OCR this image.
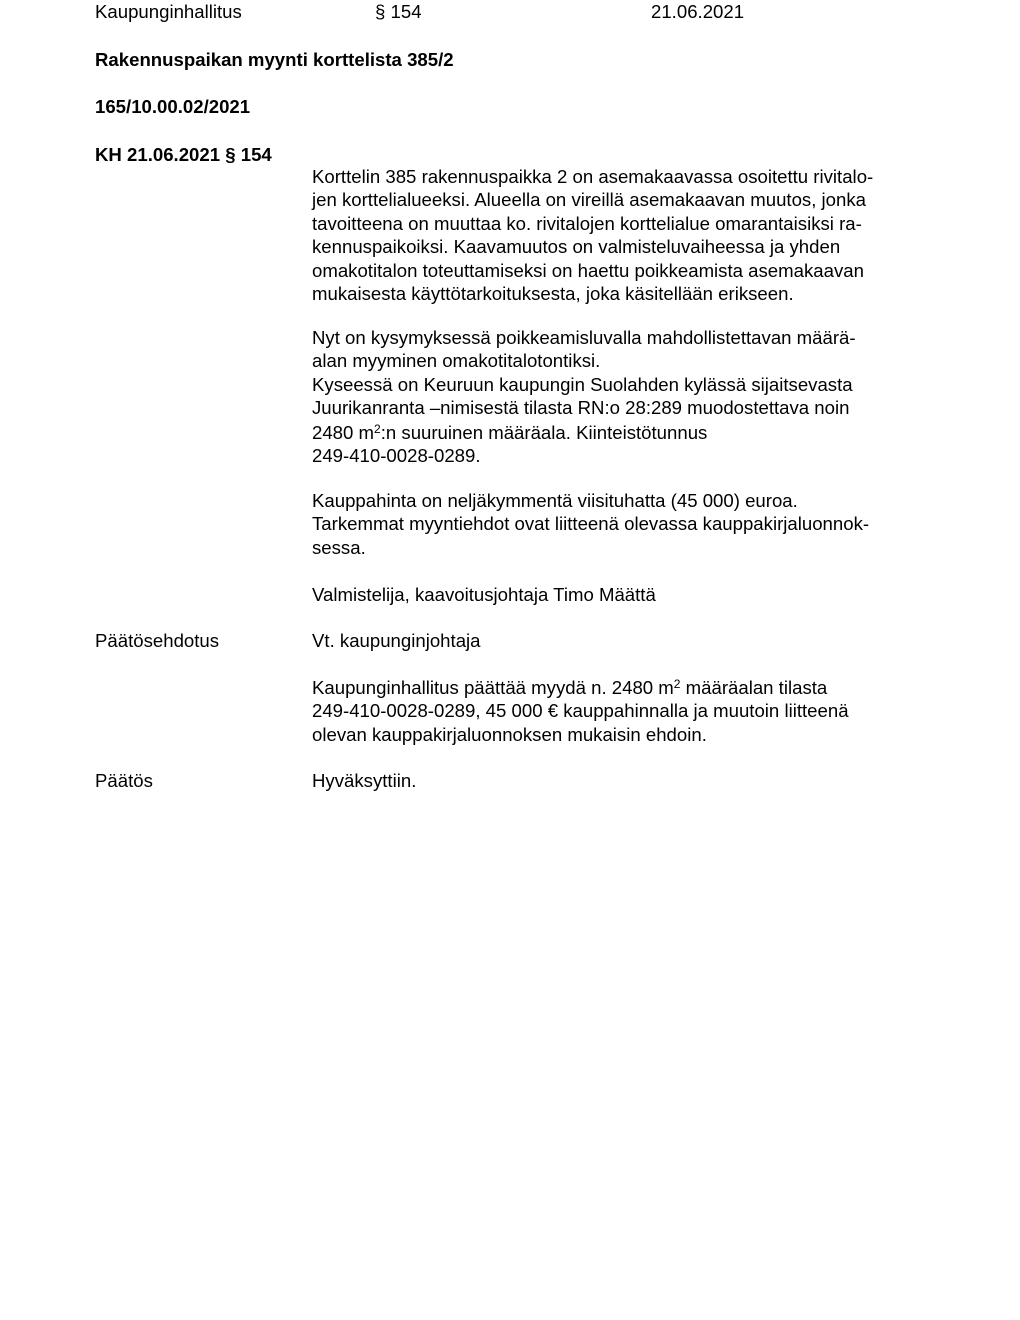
Kaupunginhallitus	§ 154	21.06.2021
Rakennuspaikan myynti korttelista 385/2
165/10.00.02/2021
KH 21.06.2021 § 154
Korttelin 385 rakennuspaikka 2 on asemakaavassa osoitettu rivitalo-
jen korttelialueeksi. Alueella on vireillä asemakaavan muutos, jonka
tavoitteena on muuttaa ko. rivitalojen korttelialue omarantaisiksi ra-
kennuspaikoiksi. Kaavamuutos on valmisteluvaiheessa ja yhden
omakotitalon toteuttamiseksi on haettu poikkeamista asemakaavan
mukaisesta käyttötarkoituksesta, joka käsitellään erikseen.
Nyt on kysymyksessä poikkeamisluvalla mahdollistettavan määrä-
alan myyminen omakotitalotontiksi.
Kyseessä on Keuruun kaupungin Suolahden kylässä sijaitsevasta
Juurikanranta –nimisestä tilasta RN:o 28:289 muodostettava noin
2480 $m^2:n$ suuruinen määräala. Kiinteistötunnus
249-410-0028-0289.
Kauppahinta on neljäkymmentä viisituhatta (45 000) euroa.
Tarkemmat myyntiehdot ovat liitteenä olevassa kauppakirjaluonnok-
sessa.
Valmistelija, kaavoitusjohtaja Timo Määttä
Päätösehdotus	Vt. kaupunginjohtaja
Kaupunginhallitus päättää myydä n. 2480 $m^2$ määräalan tilasta
249-410-0028-0289, 45 000 € kauppahinnalla ja muutoin liitteenä
olevan kauppakirjaluonnoksen mukaisin ehdoin.
Päätös	Hyväksyttiin.
